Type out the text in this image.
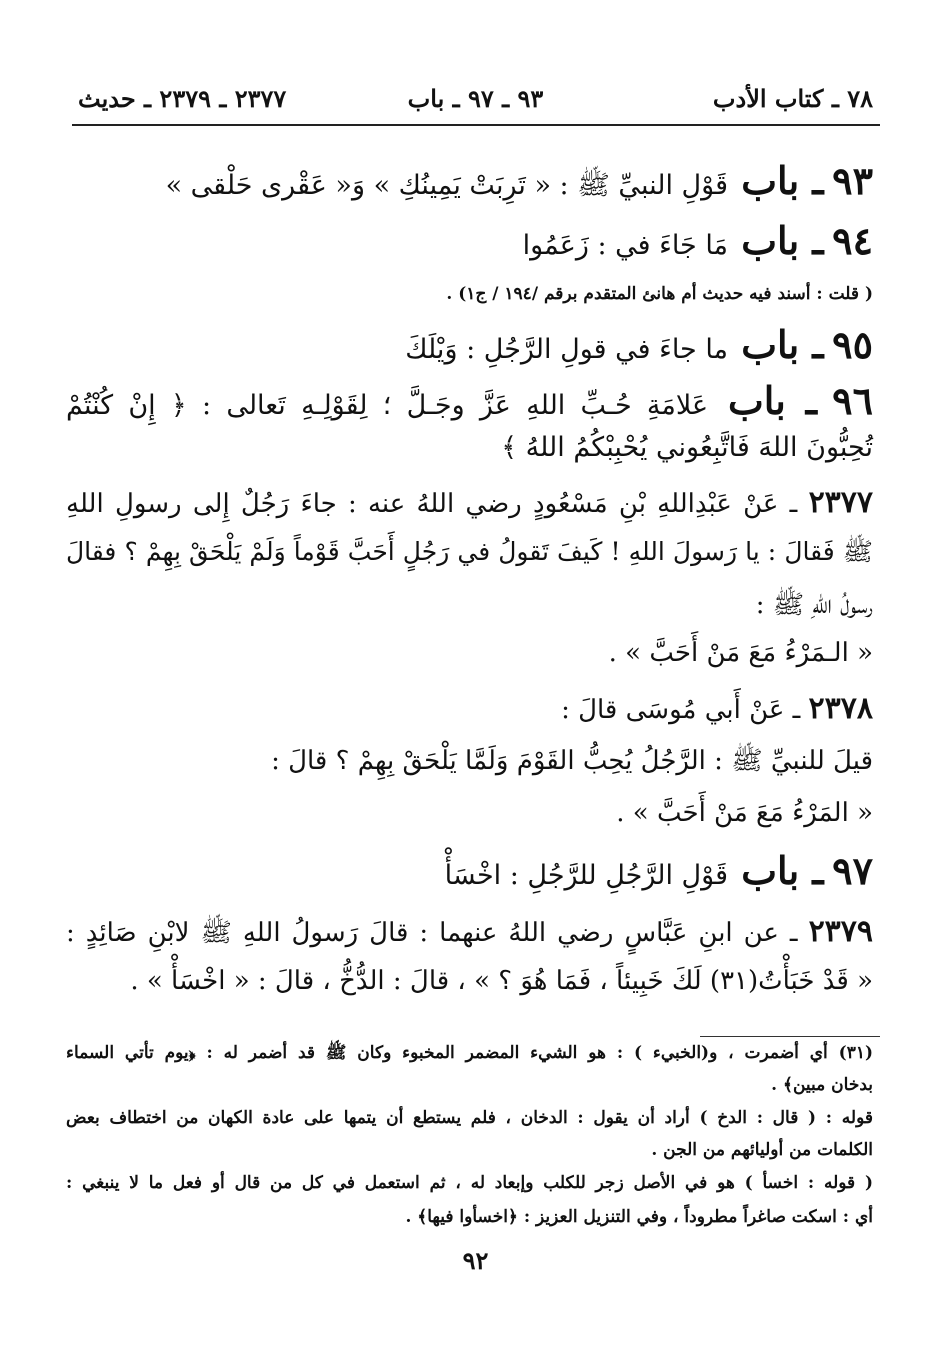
٧٨ ـ كتاب الأدب
٩٣ ـ ٩٧ ـ باب
٢٣٧٧ ـ ٢٣٧٩ ـ حديث
٩٣ ـ باب قَوْلِ النبيِّ ﷺ : « تَرِبَتْ يَمِينُكِ » وَ« عَقْرى حَلْقى »
٩٤ ـ باب مَا جَاءَ في : زَعَمُوا
( قلت : أسند فيه حديث أم هانئ المتقدم برقم /١٩٤ / ج١) .
٩٥ ـ باب ما جاءَ في قولِ الرَّجُلِ : وَيْلَكَ
٩٦ ـ باب عَلامَةِ حُـبِّ اللهِ عَزَّ وجَـلَّ ؛ لِقَوْلِـهِ تَعالى : ﴿ إِنْ كُنْتُمْ
تُحِبُّونَ اللهَ فَاتَّبِعُوني يُحْبِبْكُمُ اللهُ ﴾
٢٣٧٧ ـ عَنْ عَبْدِاللهِ بْنِ مَسْعُودٍ رضي اللهُ عنه : جاءَ رَجُلٌ إِلى رسولِ اللهِ
ﷺ فَقالَ : يا رَسولَ اللهِ ! كَيفَ تَقولُ في رَجُلٍ أَحَبَّ قَوْماً وَلَمْ يَلْحَقْ بِهِمْ ؟ فقالَ
رسولُ اللهِ ﷺ :
« الـمَرْءُ مَعَ مَنْ أَحَبَّ » .
٢٣٧٨ ـ عَنْ أَبي مُوسَى قالَ :
قيلَ للنبيِّ ﷺ : الرَّجُلُ يُحِبُّ القَوْمَ وَلَمَّا يَلْحَقْ بِهِمْ ؟ قالَ :
« المَرْءُ مَعَ مَنْ أَحَبَّ » .
٩٧ ـ باب قَوْلِ الرَّجُلِ للرَّجُلِ : اخْسَأْ
٢٣٧٩ ـ عن ابنِ عَبَّاسٍ رضي اللهُ عنهما : قالَ رَسولُ اللهِ ﷺ لابْنِ صَائِدٍ :
« قَدْ خَبَأْتُ(٣١) لَكَ خَبِيئاً ، فَمَا هُوَ ؟ » ، قالَ : الدُّخُّ ، قالَ : « اخْسَأْ » .
(٣١) أي أضمرت ، و(الخبيء ) : هو الشيء المضمر المخبوء وكان ﷺ قد أضمر له : ﴿يوم تأتي السماء
بدخان مبين﴾ .
قوله : ( قال : الدخ ) أراد أن يقول : الدخان ، فلم يستطع أن يتمها على عادة الكهان من اختطاف بعض
الكلمات من أوليائهم من الجن .
( قوله : اخسأ ) هو في الأصل زجر للكلب وإبعاد له ، ثم استعمل في كل من قال أو فعل ما لا ينبغي :
أي : اسكت صاغراً مطروداً ، وفي التنزيل العزيز : ﴿اخسأوا فيها﴾ .
٩٢
